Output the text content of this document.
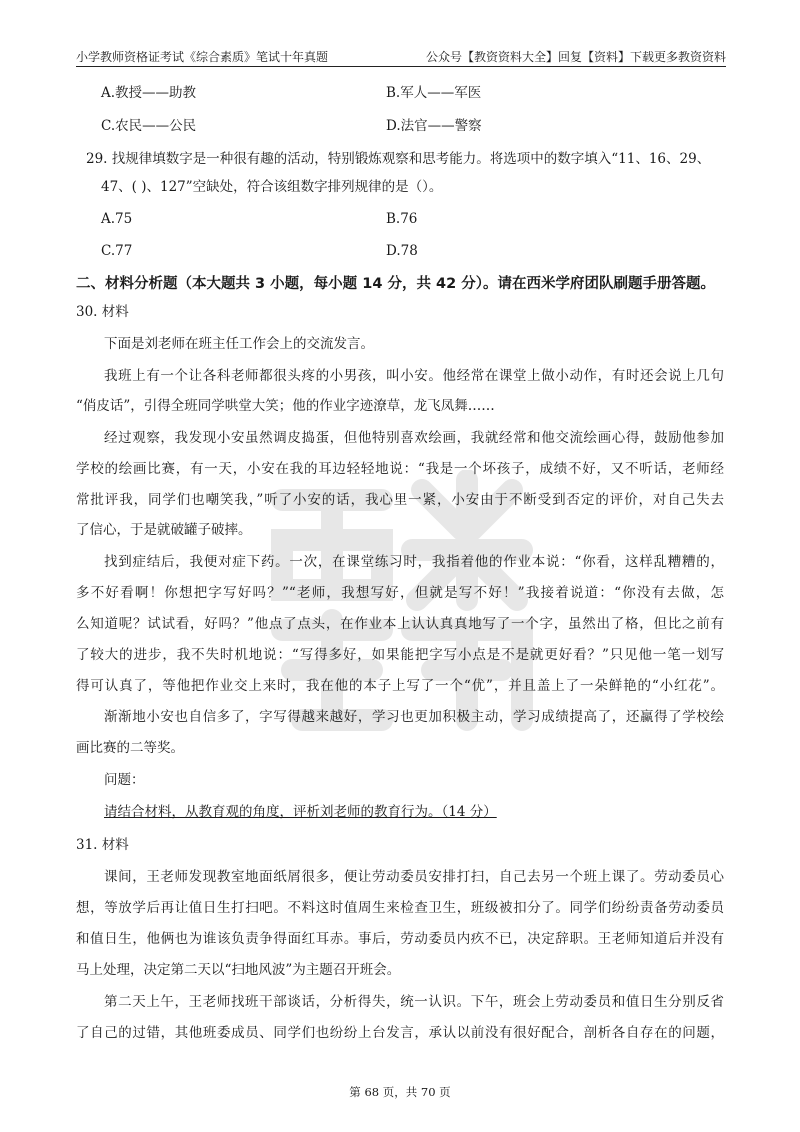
小学教师资格证考试《综合素质》笔试十年真题	公众号【教资资料大全】回复【资料】下载更多教资资料
A.教授——助教	B.军人——军医
C.农民——公民	D.法官——警察
29. 找规律填数字是一种很有趣的活动，特别锻炼观察和思考能力。将选项中的数字填入“11、16、29、
47、( )、127”空缺处，符合该组数字排列规律的是（）。
A.75	B.76
C.77	D.78
二、材料分析题（本大题共 3 小题，每小题 14 分，共 42 分）。请在西米学府团队刷题手册答题。
30. 材料
下面是刘老师在班主任工作会上的交流发言。
我班上有一个让各科老师都很头疼的小男孩，叫小安。他经常在课堂上做小动作，有时还会说上几句
“俏皮话”，引得全班同学哄堂大笑；他的作业字迹潦草，龙飞凤舞……
经过观察，我发现小安虽然调皮捣蛋，但他特别喜欢绘画，我就经常和他交流绘画心得，鼓励他参加
学校的绘画比赛，有一天，小安在我的耳边轻轻地说：“我是一个坏孩子，成绩不好，又不听话，老师经
常批评我，同学们也嘲笑我，”听了小安的话，我心里一紧，小安由于不断受到否定的评价，对自己失去
了信心，于是就破罐子破摔。
找到症结后，我便对症下药。一次，在课堂练习时，我指着他的作业本说：“你看，这样乱糟糟的，
多不好看啊！你想把字写好吗？”“老师，我想写好，但就是写不好！”我接着说道：“你没有去做，怎
么知道呢？试试看，好吗？”他点了点头，在作业本上认认真真地写了一个字，虽然出了格，但比之前有
了较大的进步，我不失时机地说：“写得多好，如果能把字写小点是不是就更好看？”只见他一笔一划写
得可认真了，等他把作业交上来时，我在他的本子上写了一个“优”，并且盖上了一朵鲜艳的“小红花”。
渐渐地小安也自信多了，字写得越来越好，学习也更加积极主动，学习成绩提高了，还赢得了学校绘
画比赛的二等奖。
问题：
请结合材料，从教育观的角度，评析刘老师的教育行为。（14 分）
31. 材料
课间，王老师发现教室地面纸屑很多，便让劳动委员安排打扫，自己去另一个班上课了。劳动委员心
想，等放学后再让值日生打扫吧。不料这时值周生来检查卫生，班级被扣分了。同学们纷纷责备劳动委员
和值日生，他俩也为谁该负责争得面红耳赤。事后，劳动委员内疚不已，决定辞职。王老师知道后并没有
马上处理，决定第二天以“扫地风波”为主题召开班会。
第二天上午，王老师找班干部谈话，分析得失，统一认识。下午，班会上劳动委员和值日生分别反省
了自己的过错，其他班委成员、同学们也纷纷上台发言，承认以前没有很好配合，剖析各自存在的问题，
第 68 页，共 70 页
